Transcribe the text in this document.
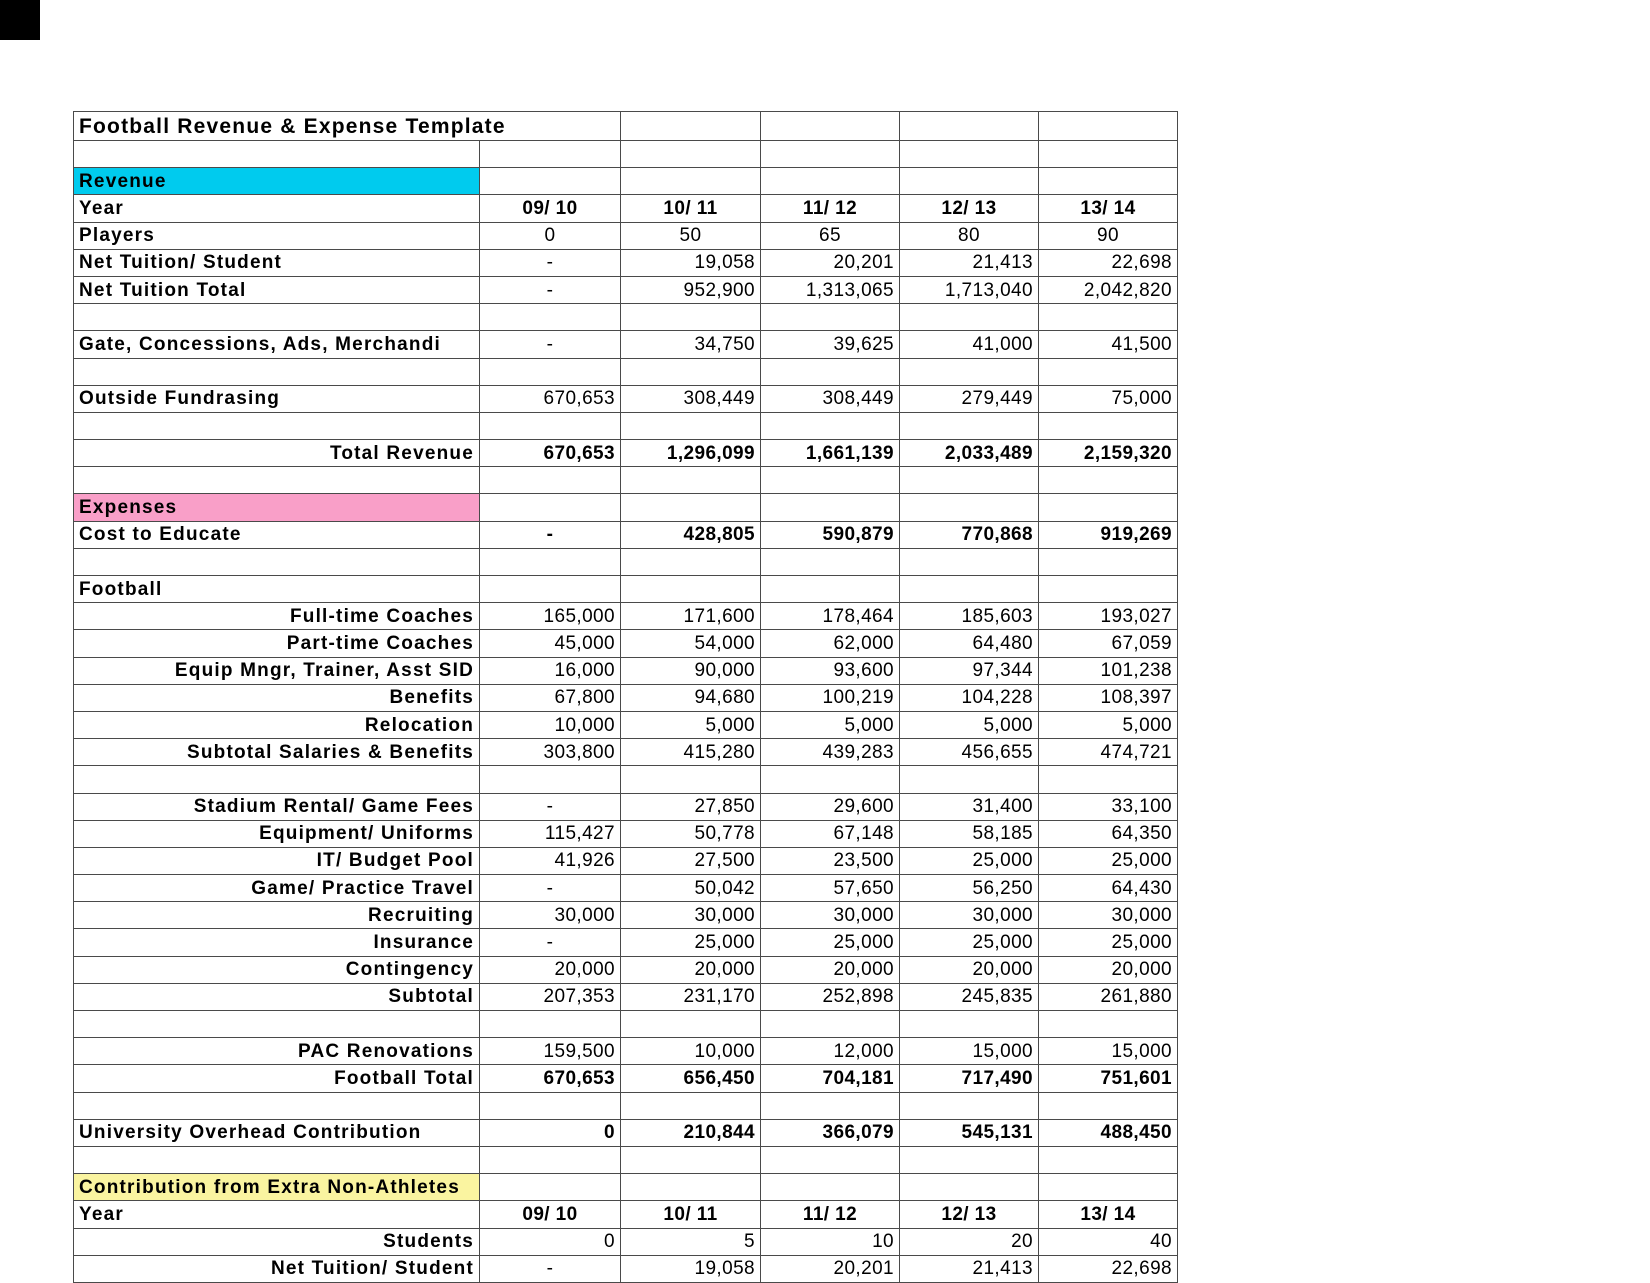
Football Revenue & Expense Template					

Revenue					
Year	09/ 10	10/ 11	11/ 12	12/ 13	13/ 14
Players	0	50	65	80	90
Net Tuition/ Student	-	19,058	20,201	21,413	22,698
Net Tuition Total	-	952,900	1,313,065	1,713,040	2,042,820

Gate, Concessions, Ads, Merchandi	-	34,750	39,625	41,000	41,500

Outside Fundrasing	670,653	308,449	308,449	279,449	75,000

Total Revenue	670,653	1,296,099	1,661,139	2,033,489	2,159,320

Expenses					
Cost to Educate	-	428,805	590,879	770,868	919,269

Football					
Full-time Coaches	165,000	171,600	178,464	185,603	193,027
Part-time Coaches	45,000	54,000	62,000	64,480	67,059
Equip Mngr, Trainer, Asst SID	16,000	90,000	93,600	97,344	101,238
Benefits	67,800	94,680	100,219	104,228	108,397
Relocation	10,000	5,000	5,000	5,000	5,000
Subtotal Salaries & Benefits	303,800	415,280	439,283	456,655	474,721

Stadium Rental/ Game Fees	-	27,850	29,600	31,400	33,100
Equipment/ Uniforms	115,427	50,778	67,148	58,185	64,350
IT/ Budget Pool	41,926	27,500	23,500	25,000	25,000
Game/ Practice Travel	-	50,042	57,650	56,250	64,430
Recruiting	30,000	30,000	30,000	30,000	30,000
Insurance	-	25,000	25,000	25,000	25,000
Contingency	20,000	20,000	20,000	20,000	20,000
Subtotal	207,353	231,170	252,898	245,835	261,880

PAC Renovations	159,500	10,000	12,000	15,000	15,000
Football Total	670,653	656,450	704,181	717,490	751,601

University Overhead Contribution	0	210,844	366,079	545,131	488,450

Contribution from Extra Non-Athletes					
Year	09/ 10	10/ 11	11/ 12	12/ 13	13/ 14
Students	0	5	10	20	40
Net Tuition/ Student	-	19,058	20,201	21,413	22,698
